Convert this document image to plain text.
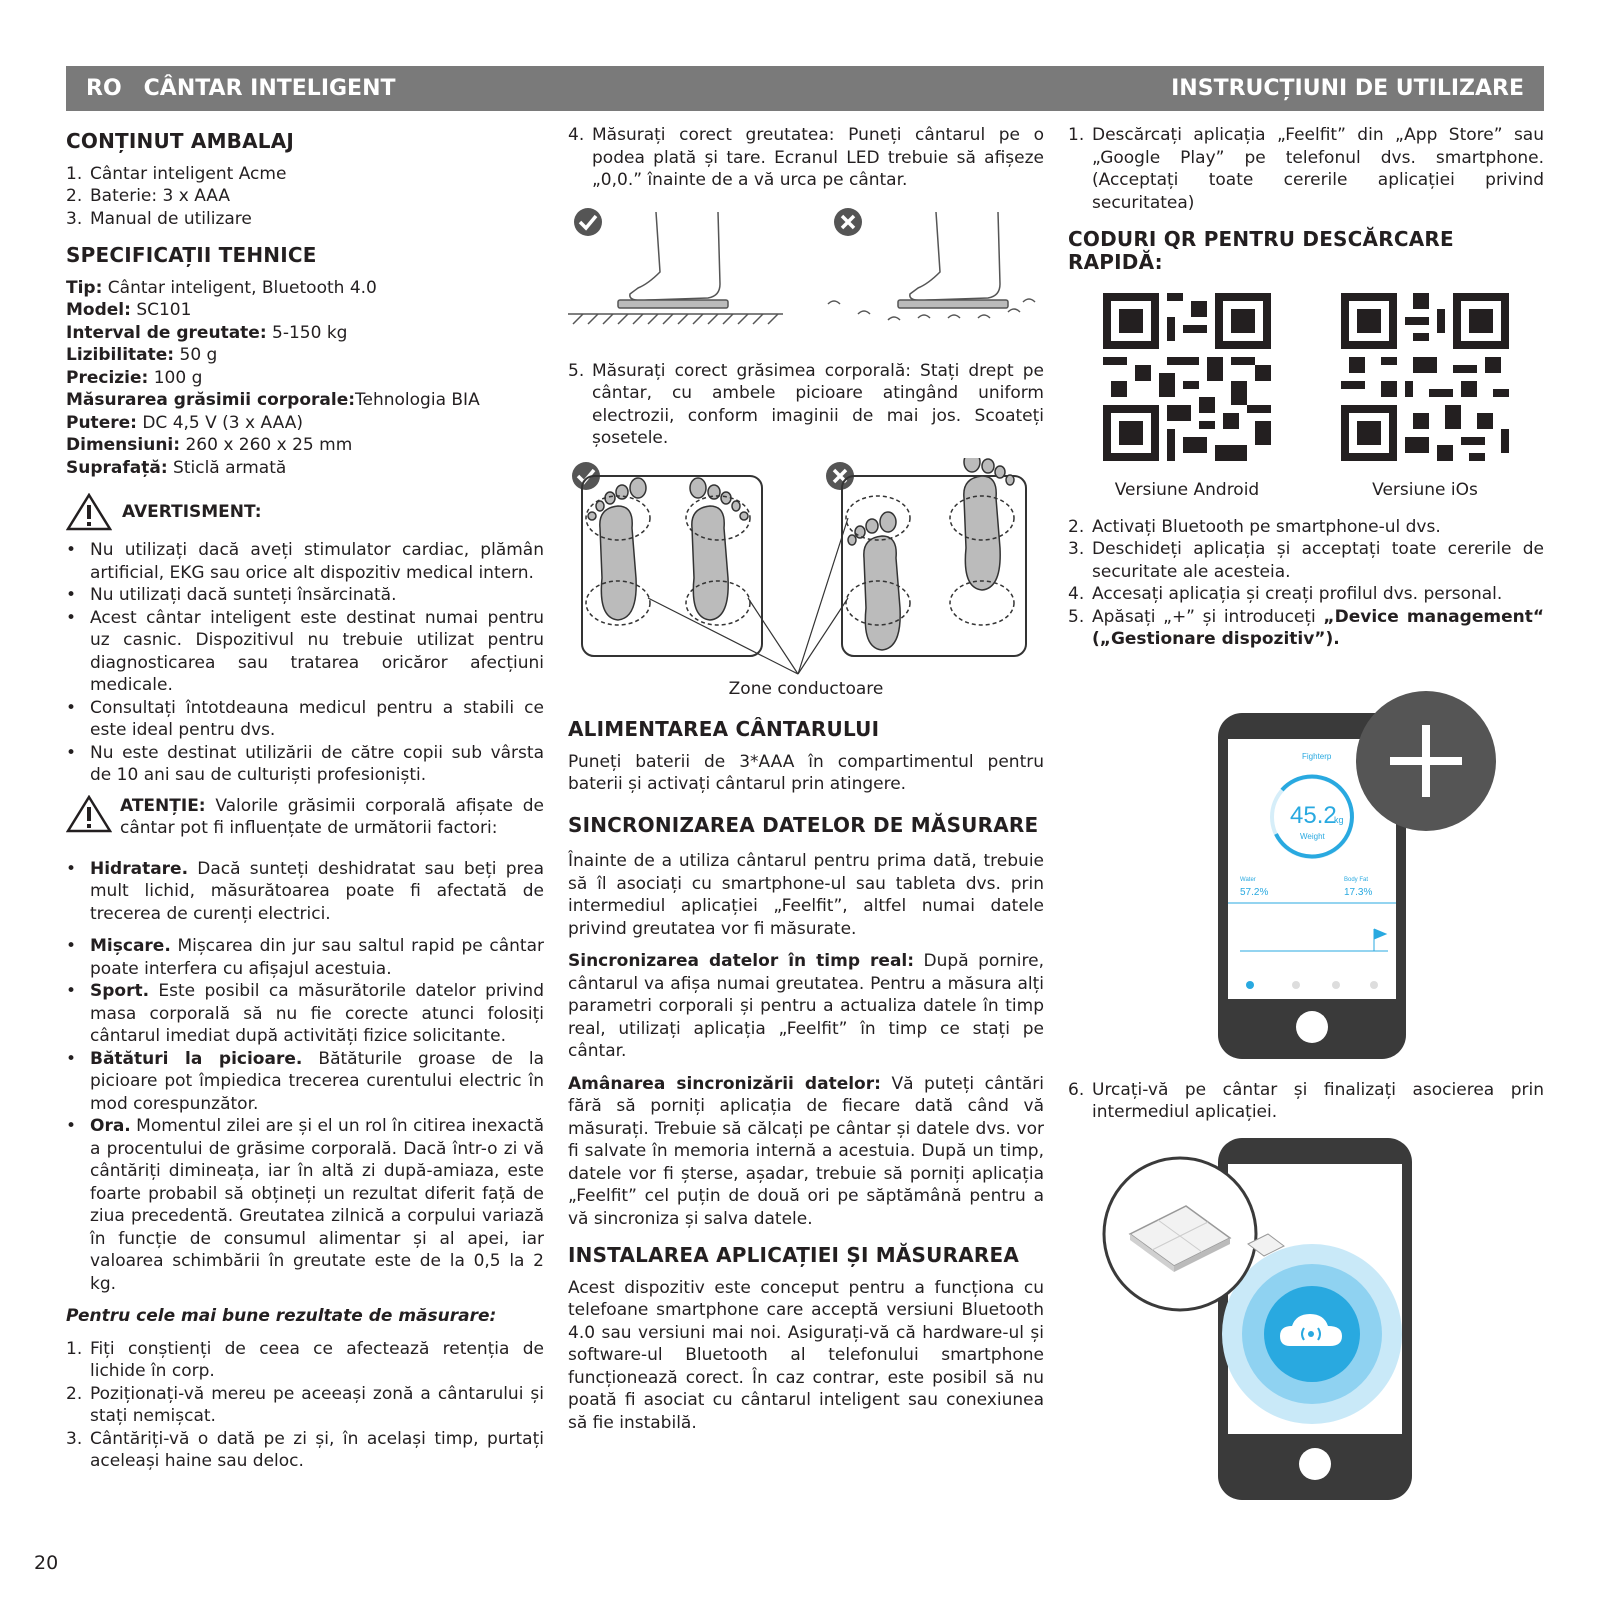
RO CÂNTAR INTELIGENT	INSTRUCȚIUNI DE UTILIZARE
CONȚINUT AMBALAJ
1. Cântar inteligent Acme
2. Baterie: 3 x AAA
3. Manual de utilizare
SPECIFICAȚII TEHNICE

Tip: Cântar inteligent, Bluetooth 4.0

Model: SC101

Interval de greutate: 5-150 kg

Lizibilitate: 50 g

Precizie: 100 g

Măsurarea grăsimii corporale:Tehnologia BIA

Putere: DC 4,5 V (3 x AAA)

Dimensiuni: 260 x 260 x 25 mm

Suprafață: Sticlă armată

AVERTISMENT:
• Nu utilizați dacă aveți stimulator cardiac, plămân artificial, EKG sau orice alt dispozitiv medical intern.
• Nu utilizați dacă sunteți însărcinată.
• Acest cântar inteligent este destinat numai pentru uz casnic. Dispozitivul nu trebuie utilizat pentru diagnosticarea sau tratarea oricăror afecțiuni medicale.
• Consultați întotdeauna medicul pentru a stabili ce este ideal pentru dvs.
• Nu este destinat utilizării de către copii sub vârsta de 10 ani sau de culturiști profesioniști.

ATENȚIE: Valorile grăsimii corporală afișate de cântar pot fi influențate de următorii factori:

• Hidratare. Dacă sunteți deshidratat sau beți prea mult lichid, măsurătoarea poate fi afectată de trecerea de curenți electrici.
• Mișcare. Mișcarea din jur sau saltul rapid pe cântar poate interfera cu afișajul acestuia.
• Sport. Este posibil ca măsurătorile datelor privind masa corporală să nu fie corecte atunci folosiți cântarul imediat după activități fizice solicitante.
• Bătături la picioare. Bătăturile groase de la picioare pot împiedica trecerea curentului electric în mod corespunzător.
• Ora. Momentul zilei are și el un rol în citirea inexactă a procentului de grăsime corporală. Dacă într-o zi vă cântăriți dimineața, iar în altă zi după-amiaza, este foarte probabil să obțineți un rezultat diferit față de ziua precedentă. Greutatea zilnică a corpului variază în funcție de consumul alimentar și al apei, iar valoarea schimbării în greutate este de la 0,5 la 2 kg.

Pentru cele mai bune rezultate de măsurare:

1. Fiți conștienți de ceea ce afectează retenția de lichide în corp.
2. Poziționați-vă mereu pe aceeași zonă a cântarului și stați nemișcat.
3. Cântăriți-vă o dată pe zi și, în același timp, purtați aceleași haine sau deloc.
4. Măsurați corect greutatea: Puneți cântarul pe o podea plată și tare. Ecranul LED trebuie să afișeze „0,0.” înainte de a vă urca pe cântar.
5. Măsurați corect grăsimea corporală: Stați drept pe cântar, cu ambele picioare atingând uniform electrozii, conform imaginii de mai jos. Scoateți șosetele.

Zone conductoare

ALIMENTAREA CÂNTARULUI

Puneți baterii de 3*AAA în compartimentul pentru baterii și activați cântarul prin atingere.

SINCRONIZAREA DATELOR DE MĂSURARE

Înainte de a utiliza cântarul pentru prima dată, trebuie să îl asociați cu smartphone-ul sau tableta dvs. prin intermediul aplicației „Feelfit”, altfel numai datele privind greutatea vor fi măsurate.

Sincronizarea datelor în timp real: După pornire, cântarul va afișa numai greutatea. Pentru a măsura alți parametri corporali și pentru a actualiza datele în timp real, utilizați aplicația „Feelfit” în timp ce stați pe cântar.

Amânarea sincronizării datelor: Vă puteți cântări fără să porniți aplicația de fiecare dată când vă măsurați. Trebuie să călcați pe cântar și datele dvs. vor fi salvate în memoria internă a acestuia. După un timp, datele vor fi șterse, așadar, trebuie să porniți aplicația „Feelfit” cel puțin de două ori pe săptămână pentru a vă sincroniza și salva datele.

INSTALAREA APLICAȚIEI ȘI MĂSURAREA

Acest dispozitiv este conceput pentru a funcționa cu telefoane smartphone care acceptă versiuni Bluetooth 4.0 sau versiuni mai noi. Asigurați-vă că hardware-ul și software-ul Bluetooth al telefonului smartphone funcționează corect. În caz contrar, este posibil să nu poată fi asociat cu cântarul inteligent sau conexiunea să fie instabilă.

1. Descărcați aplicația „Feelfit” din „App Store” sau „Google Play” pe telefonul dvs. smartphone. (Acceptați toate cererile aplicației privind securitatea)
CODURI QR PENTRU DESCĂRCARE RAPIDĂ:
Versiune Android	Versiune iOs
2. Activați Bluetooth pe smartphone-ul dvs.
3. Deschideți aplicația și acceptați toate cererile de securitate ale acesteia.
4. Accesați aplicația și creați profilul dvs. personal.
5. Apăsați „+” și introduceți „Device management“ („Gestionare dispozitiv”).
Fighterp
45.2
kg
Weight
Water
57.2%
Body Fat
17.3%
6. Urcați-vă pe cântar și finalizați asocierea prin intermediul aplicației.
20
